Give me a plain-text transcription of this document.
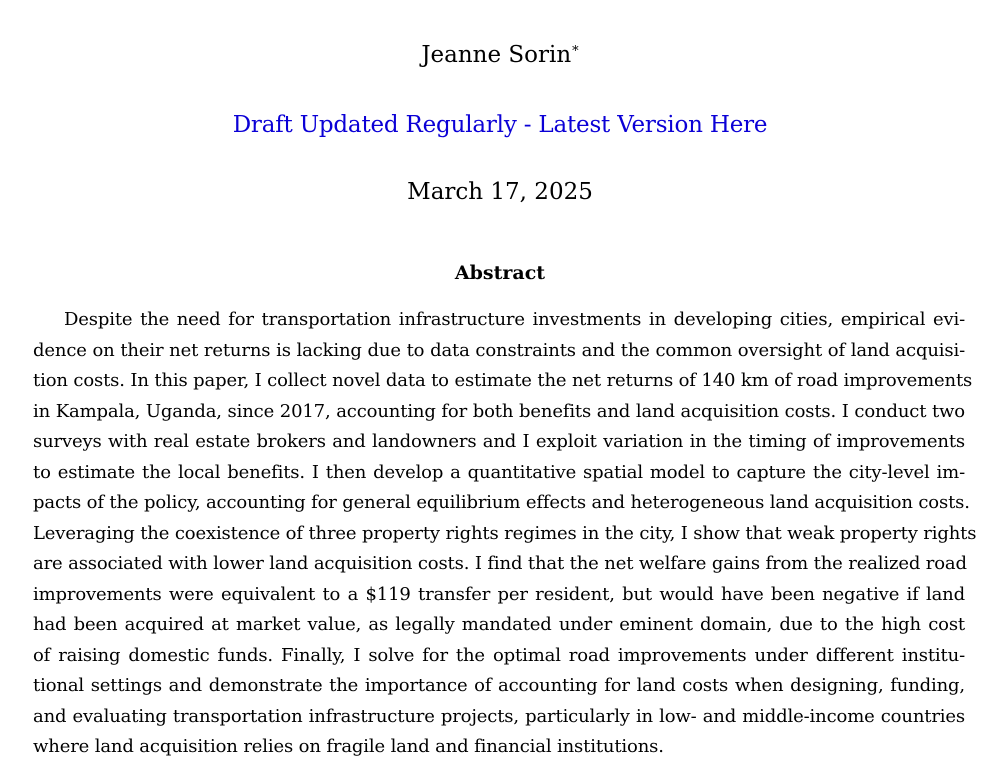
Jeanne Sorin*
Draft Updated Regularly - Latest Version Here
March 17, 2025
Abstract

Despite the need for transportation infrastructure investments in developing cities, empirical evi-
dence on their net returns is lacking due to data constraints and the common oversight of land acquisi-
tion costs. In this paper, I collect novel data to estimate the net returns of 140 km of road improvements
in Kampala, Uganda, since 2017, accounting for both benefits and land acquisition costs. I conduct two
surveys with real estate brokers and landowners and I exploit variation in the timing of improvements
to estimate the local benefits. I then develop a quantitative spatial model to capture the city-level im-
pacts of the policy, accounting for general equilibrium effects and heterogeneous land acquisition costs.
Leveraging the coexistence of three property rights regimes in the city, I show that weak property rights
are associated with lower land acquisition costs. I find that the net welfare gains from the realized road
improvements were equivalent to a $119 transfer per resident, but would have been negative if land
had been acquired at market value, as legally mandated under eminent domain, due to the high cost
of raising domestic funds. Finally, I solve for the optimal road improvements under different institu-
tional settings and demonstrate the importance of accounting for land costs when designing, funding,
and evaluating transportation infrastructure projects, particularly in low- and middle-income countries
where land acquisition relies on fragile land and financial institutions.
